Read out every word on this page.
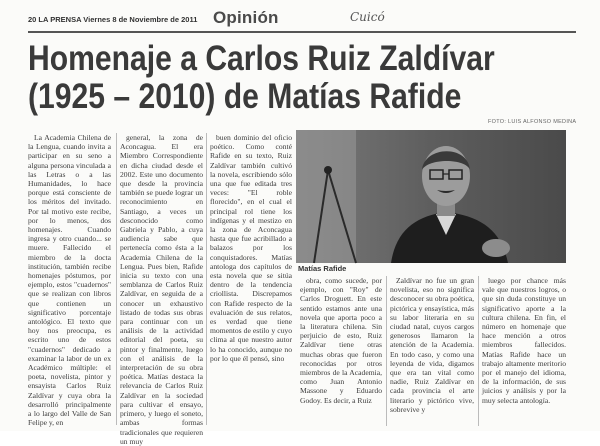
20 LA PRENSA Viernes 8 de Noviembre de 2011 Opinión	Cuicó
Homenaje a Carlos Ruiz Zaldívar
(1925 – 2010) de Matías Rafide
FOTO: LUIS ALFONSO MEDINA
Matías Rafide

La Academia Chilena de la Lengua, cuando invita a participar en su seno a alguna persona vinculada a las Letras o a las Humanidades, lo hace porque está consciente de los méritos del invitado. Por tal motivo este recibe, por lo menos, dos homenajes. Cuando ingresa y otro cuando... se muere. Fallecido el miembro de la docta institución, también recibe homenajes póstumos, por ejemplo, estos "cuadernos" que se realizan con libros que contienen un significativo porcentaje antológico. El texto que hoy nos preocupa, es escrito uno de estos "cuadernos" dedicado a examinar la labor de un ex Académico múltiple: el poeta, novelista, pintor y ensayista Carlos Ruiz Zaldívar y cuya obra la desarrolló principalmente a lo largo del Valle de San Felipe y, en

general, la zona de Aconcagua. El era Miembro Correspondiente en dicha ciudad desde el 2002. Este uno documento que desde la provincia también se puede lograr un reconocimiento en Santiago, a veces un desconocido como Gabriela y Pablo, a cuya audiencia sabe que pertenecía como ésta a la Academia Chilena de la Lengua. Pues bien, Rafide inicia su texto con una semblanza de Carlos Ruiz Zaldívar, en seguida de a conocer un exhaustivo listado de todas sus obras para continuar con un análisis de la actividad editorial del poeta, su pintor y finalmente, luego con el análisis de la interpretación de su obra poética. Matías destaca la relevancia de Carlos Ruiz Zaldívar en la sociedad para cultivar el ensayo, primero, y luego el soneto, ambas formas tradicionales que requieren un muy

buen dominio del oficio poético. Como conté Rafide en su texto, Ruiz Zaldívar también cultivó la novela, escribiendo sólo una que fue editada tres veces: "El roble florecido", en el cual el principal rol tiene los indígenas y el mestizo en la zona de Aconcagua hasta que fue acribillado a balazos por los conquistadores. Matías antologa dos capítulos de esta novela que se sitúa dentro de la tendencia criollista. Discrepamos con Rafide respecto de la evaluación de sus relatos, es verdad que tiene momentos de estilo y cuyo clima al que nuestro autor lo ha conocido, aunque no por lo que él pensó, sino

obra, como sucede, por ejemplo, con "Roy" de Carlos Droguett. En este sentido estamos ante una novela que aporta poco a la literatura chilena. Sin perjuicio de esto, Ruiz Zaldívar tiene otras muchas obras que fueron reconocidas por otros miembros de la Academia, como Juan Antonio Massone y Eduardo Godoy. Es decir, a Ruiz

Zaldívar no fue un gran novelista, eso no significa desconocer su obra poética, pictórica y ensayística, más su labor literaria en su ciudad natal, cuyos cargos generosos llamaron la atención de la Academia. En todo caso, y como una leyenda de vida, digamos que era tan vital como nadie, Ruiz Zaldívar en cada provincia el arte literario y pictórico vive, sobrevive y

luego por chance más vale que nuestros logros, o que sin duda constituye un significativo aporte a la cultura chilena. En fin, el número en homenaje que hace mención a otros miembros fallecidos. Matías Rafide hace un trabajo altamente meritorio por el manejo del idioma, de la información, de sus juicios y análisis y por la muy selecta antología.
